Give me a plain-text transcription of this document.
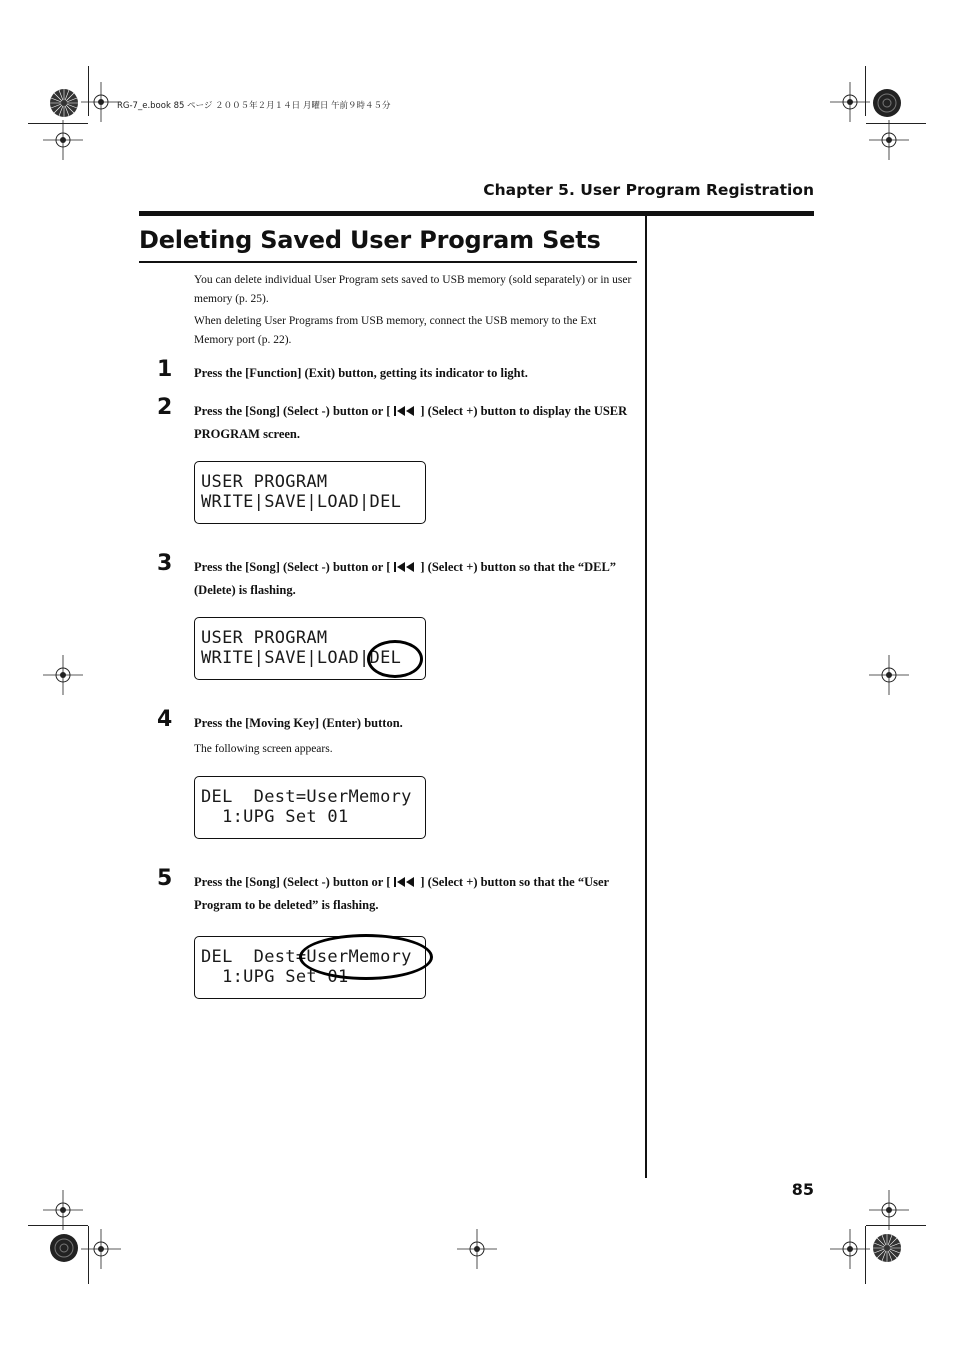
RG-7_e.book 85 ページ ２００５年２月１４日 月曜日 午前９時４５分
Chapter 5. User Program Registration
Deleting Saved User Program Sets
You can delete individual User Program sets saved to USB memory (sold separately) or in user memory (p. 25).
When deleting User Programs from USB memory, connect the USB memory to the Ext Memory port (p. 22).
1 Press the [Function] (Exit) button, getting its indicator to light.
2 Press the [Song] (Select -) button or [ ] (Select +) button to display the USER PROGRAM screen.
USER PROGRAM
WRITE|SAVE|LOAD|DEL
3 Press the [Song] (Select -) button or [ ] (Select +) button so that the “DEL” (Delete) is flashing.
USER PROGRAM
WRITE|SAVE|LOAD|DEL
4 Press the [Moving Key] (Enter) button.
The following screen appears.
DEL  Dest=UserMemory
1:UPG Set 01
5 Press the [Song] (Select -) button or [ ] (Select +) button so that the “User Program to be deleted” is flashing.
DEL  Dest=UserMemory
1:UPG Set 01
85
